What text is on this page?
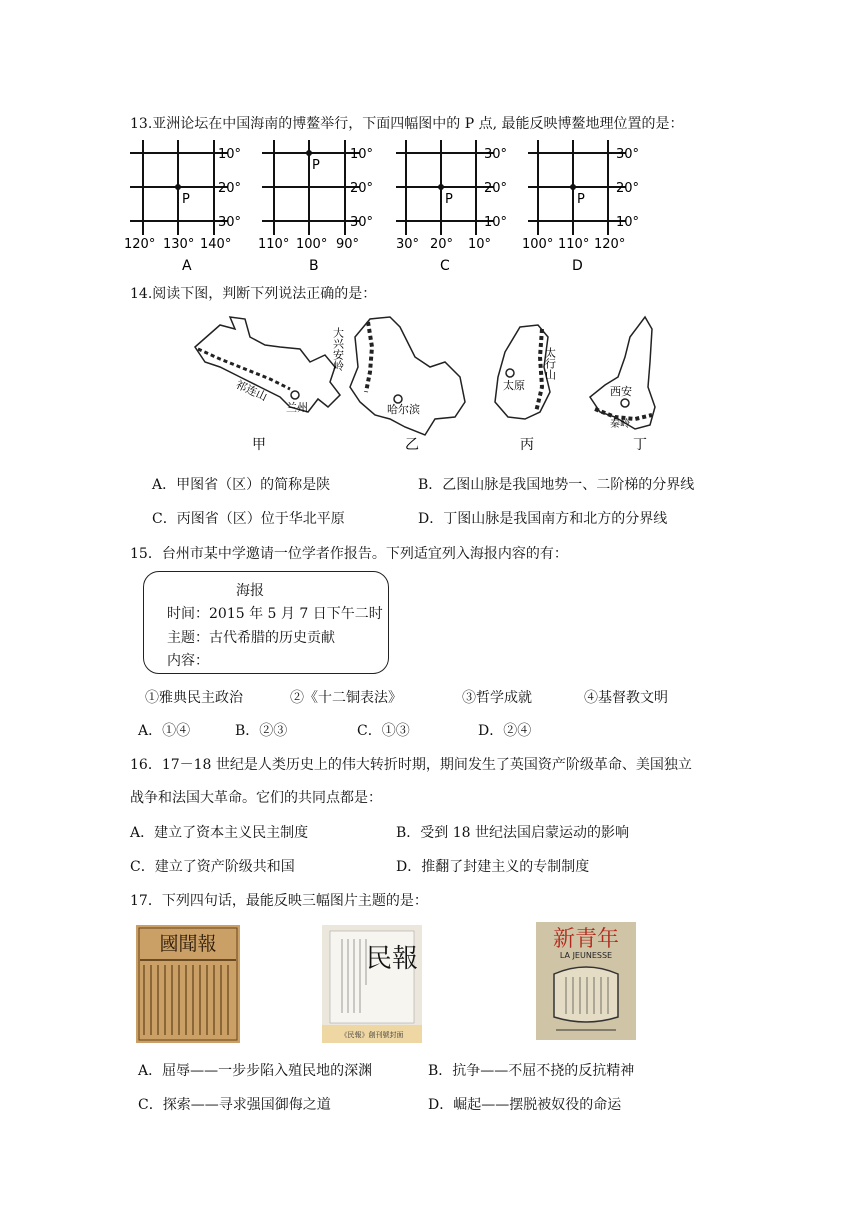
13.亚洲论坛在中国海南的博鳌举行，下面四幅图中的 P 点, 最能反映博鳌地理位置的是：
P
10°
20°
30°
120° 130° 140°
A
P
10°
20°
30°
110° 100° 90°
B
P
30°
20°
10°
30° 20° 10°
C
P
30°
20°
10°
100° 110° 120°
D
14.阅读下图，判断下列说法正确的是：
祁连山
兰州
甲
大兴安岭
哈尔滨
乙
太原
太行山
丙
西安
秦岭
丁
A．甲图省（区）的简称是陕	B．乙图山脉是我国地势一、二阶梯的分界线
C．丙图省（区）位于华北平原	D．丁图山脉是我国南方和北方的分界线
15．台州市某中学邀请一位学者作报告。下列适宜列入海报内容的有：
海报
时间：2015 年 5 月 7 日下午二时
主题：古代希腊的历史贡献
内容：
①雅典民主政治	②《十二铜表法》	③哲学成就	④基督教文明
A．①④	B．②③	C．①③	D．②④
16．17－18 世纪是人类历史上的伟大转折时期，期间发生了英国资产阶级革命、美国独立
战争和法国大革命。它们的共同点都是：
A．建立了资本主义民主制度	B．受到 18 世纪法国启蒙运动的影响
C．建立了资产阶级共和国	D．推翻了封建主义的专制制度
17．下列四句话，最能反映三幅图片主题的是：
國聞報	民報
《民報》創刊號封面
新青年
LA JEUNESSE
A．屈辱——一步步陷入殖民地的深渊	B．抗争——不屈不挠的反抗精神
C．探索——寻求强国御侮之道	D．崛起——摆脱被奴役的命运
